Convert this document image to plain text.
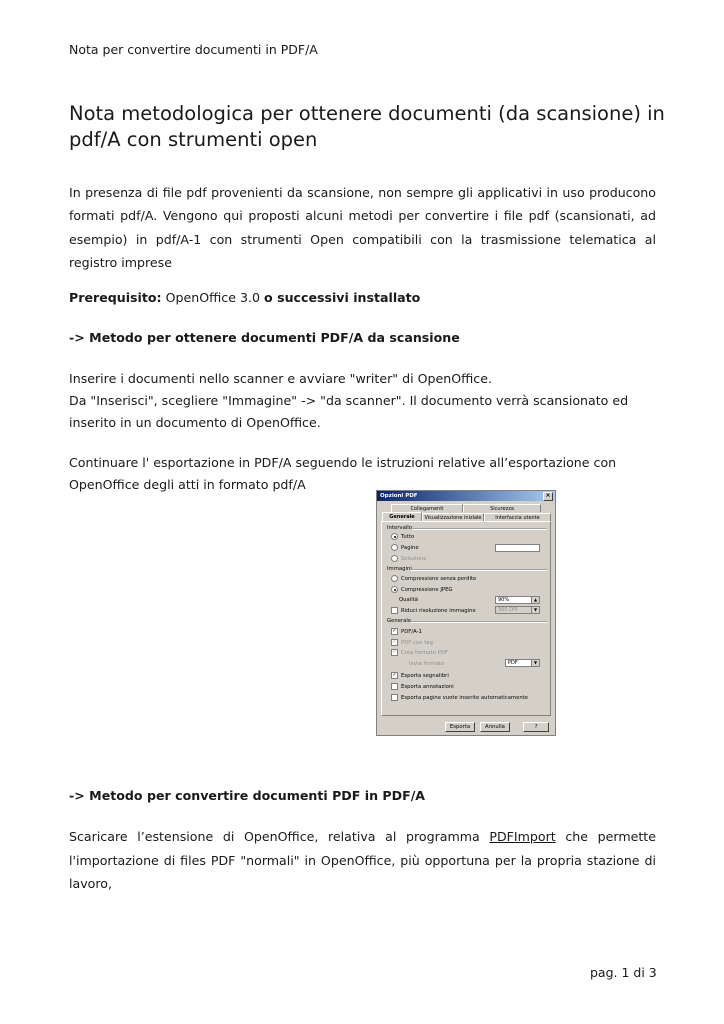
Nota per convertire documenti in PDF/A
Nota metodologica per ottenere documenti (da scansione) in pdf/A con strumenti open

In presenza di file pdf provenienti da scansione, non sempre gli applicativi in uso producono formati pdf/A. Vengono qui proposti alcuni metodi per convertire i file pdf (scansionati, ad esempio) in pdf/A-1 con strumenti Open compatibili con la trasmissione telematica al registro imprese

Prerequisito: OpenOffice 3.0 o successivi installato

-> Metodo per ottenere documenti PDF/A da scansione

Inserire i documenti nello scanner e avviare "writer" di OpenOffice.
Da "Inserisci", scegliere "Immagine" -> "da scanner". Il documento verrà scansionato ed inserito in un documento di OpenOffice.
Continuare l' esportazione in PDF/A seguendo le istruzioni relative all’esportazione con
OpenOffice degli atti in formato pdf/A
Opzioni PDF	×
Collegamenti	Sicurezza
Generale	Visualizzazione iniziale	Interfaccia utente
Intervallo
Tutto
Pagine
Selezione
Immagini
Compressione senza perdite
Compressione JPEG
Qualità	90%	▲
Riduci risoluzione immagine	300 DPI	▼
Generale
✓ PDF/A-1
✓ PDF con tag
✓ Crea formato PDF
Invia formato	PDF	▼
✓ Esporta segnalibri
Esporta annotazioni
Esporta pagine vuote inserite automaticamente
Esporta	Annulla	?

-> Metodo per convertire documenti PDF in PDF/A

Scaricare l’estensione di OpenOffice, relativa al programma PDFImport che permette l'importazione di files PDF "normali" in OpenOffice, più opportuna per la propria stazione di lavoro,

pag. 1 di 3
